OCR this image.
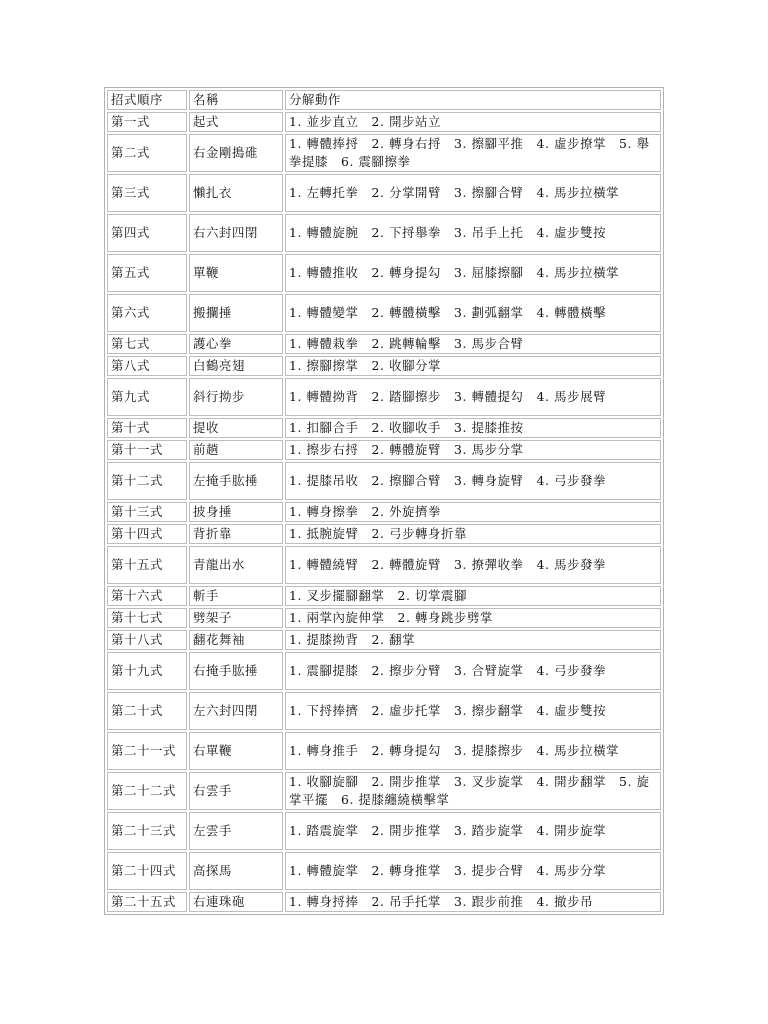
招式順序	名稱	分解動作
第一式	起式	1. 並步直立　2. 開步站立
第二式	右金剛搗碓	1. 轉體捧捋　2. 轉身右捋　3. 擦腳平推　4. 虛步撩掌　5. 舉拳提膝　6. 震腳擦拳
第三式	懶扎衣	1. 左轉托拳　2. 分掌開臂　3. 擦腳合臂　4. 馬步拉橫掌
第四式	右六封四閉	1. 轉體旋腕　2. 下捋舉拳　3. 吊手上托　4. 虛步雙按
第五式	單鞭	1. 轉體推收　2. 轉身提勾　3. 屈膝擦腳　4. 馬步拉橫掌
第六式	搬攔捶	1. 轉體變掌　2. 轉體橫擊　3. 劃弧翻掌　4. 轉體橫擊
第七式	護心拳	1. 轉體栽拳　2. 跳轉輪擊　3. 馬步合臂
第八式	白鶴亮翅	1. 擦腳擦掌　2. 收腳分掌
第九式	斜行拗步	1. 轉體拗背　2. 踏腳擦步　3. 轉體提勾　4. 馬步展臂
第十式	提收	1. 扣腳合手　2. 收腳收手　3. 提膝推按
第十一式	前趟	1. 擦步右捋　2. 轉體旋臂　3. 馬步分掌
第十二式	左掩手肱捶	1. 提膝吊收　2. 擦腳合臂　3. 轉身旋臂　4. 弓步發拳
第十三式	披身捶	1. 轉身擦拳　2. 外旋擠拳
第十四式	背折靠	1. 抵腕旋臂　2. 弓步轉身折靠
第十五式	青龍出水	1. 轉體繞臂　2. 轉體旋臂　3. 撩彈收拳　4. 馬步發拳
第十六式	斬手	1. 叉步擺腳翻掌　2. 切掌震腳
第十七式	劈架子	1. 兩掌內旋伸掌　2. 轉身跳步劈掌
第十八式	翻花舞袖	1. 提膝拗背　2. 翻掌
第十九式	右掩手肱捶	1. 震腳提膝　2. 擦步分臂　3. 合臂旋掌　4. 弓步發拳
第二十式	左六封四閉	1. 下捋捧擠　2. 虛步托掌　3. 擦步翻掌　4. 虛步雙按
第二十一式	右單鞭	1. 轉身推手　2. 轉身提勾　3. 提膝擦步　4. 馬步拉橫掌
第二十二式	右雲手	1. 收腳旋腳　2. 開步推掌　3. 叉步旋掌　4. 開步翻掌　5. 旋掌平擺　6. 提膝纏繞橫擊掌
第二十三式	左雲手	1. 踏震旋掌　2. 開步推掌　3. 踏步旋掌　4. 開步旋掌
第二十四式	高探馬	1. 轉體旋掌　2. 轉身推掌　3. 提步合臂　4. 馬步分掌
第二十五式	右連珠砲	1. 轉身捋捧　2. 吊手托掌　3. 跟步前推　4. 撤步吊
